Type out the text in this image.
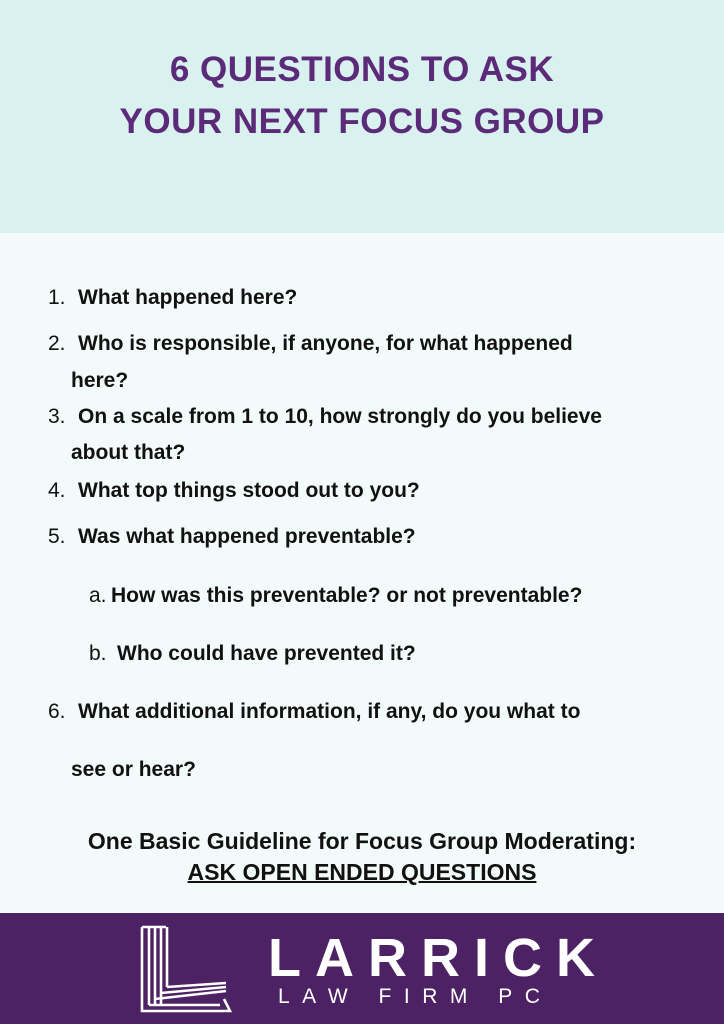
6 QUESTIONS TO ASK
YOUR NEXT FOCUS GROUP
1. What happened here?
2. Who is responsible, if anyone, for what happened
here?
3. On a scale from 1 to 10, how strongly do you believe
about that?
4. What top things stood out to you?
5. Was what happened preventable?
a. How was this preventable? or not preventable?
b. Who could have prevented it?
6. What additional information, if any, do you what to
see or hear?
One Basic Guideline for Focus Group Moderating:
ASK OPEN ENDED QUESTIONS
LARRICK
LAW FIRM PC
